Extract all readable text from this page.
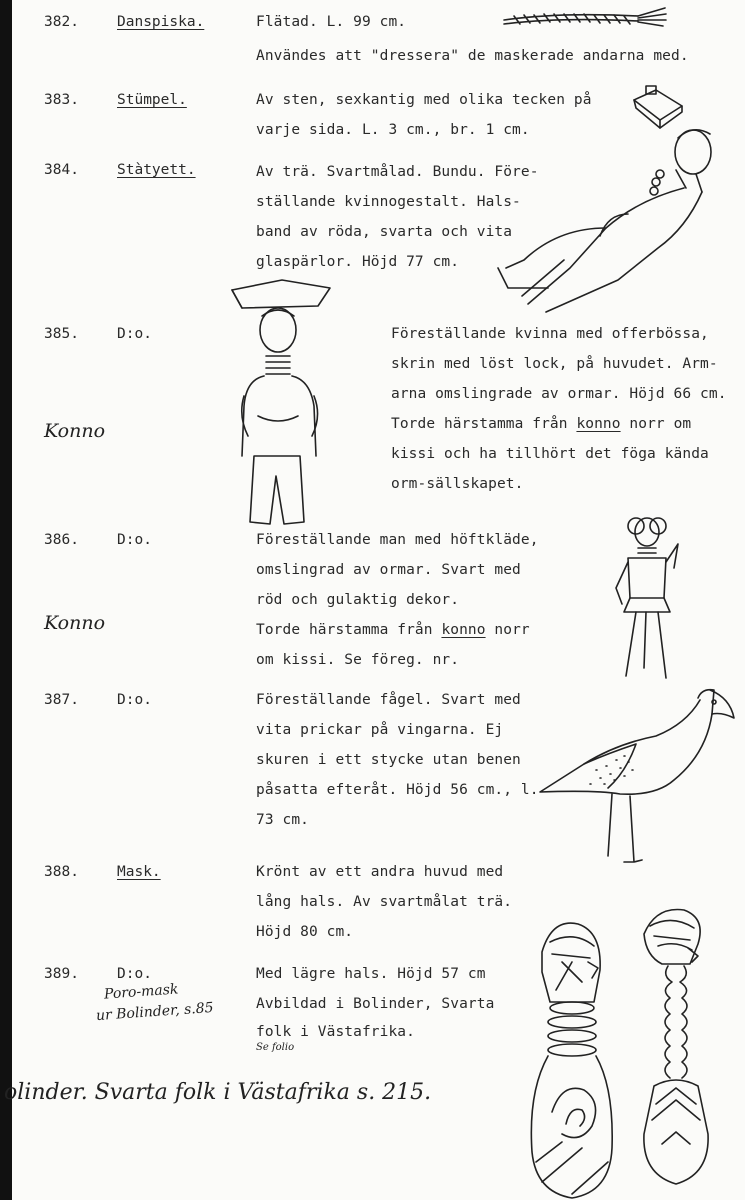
382.	Danspiska.	Flätad. L. 99 cm.
Användes att "dressera" de maskerade andarna med.
383.	Stümpel.	Av sten, sexkantig med olika tecken på
varje sida. L. 3 cm., br. 1 cm.
384.	Stàtyett.	Av trä. Svartmålad. Bundu. Före-
ställande kvinnogestalt. Hals-
band av röda, svarta och vita
glaspärlor. Höjd 77 cm.
385.	D:o.
Konno
Föreställande kvinna med offerbössa,
skrin med löst lock, på huvudet. Arm-
arna omslingrade av ormar. Höjd 66 cm.
Torde härstamma från konno norr om
kissi och ha tillhört det föga kända
orm-sällskapet.
386.	D:o.
Konno
Föreställande man med höftkläde,
omslingrad av ormar. Svart med
röd och gulaktig dekor.
Torde härstamma från konno norr
om kissi. Se föreg. nr.
387.	D:o.	Föreställande fågel. Svart med
vita prickar på vingarna. Ej
skuren i ett stycke utan benen
påsatta efteråt. Höjd 56 cm., l.
73 cm.
388.	Mask.	Krönt av ett andra huvud med
lång hals. Av svartmålat trä.
Höjd 80 cm.
389.	D:o.	Med lägre hals. Höjd 57 cm
Avbildad i Bolinder, Svarta
folk i Västafrika.
Poro-mask
ur Bolinder, s.85
Se folio
olinder. Svarta folk i Västafrika s. 215.
